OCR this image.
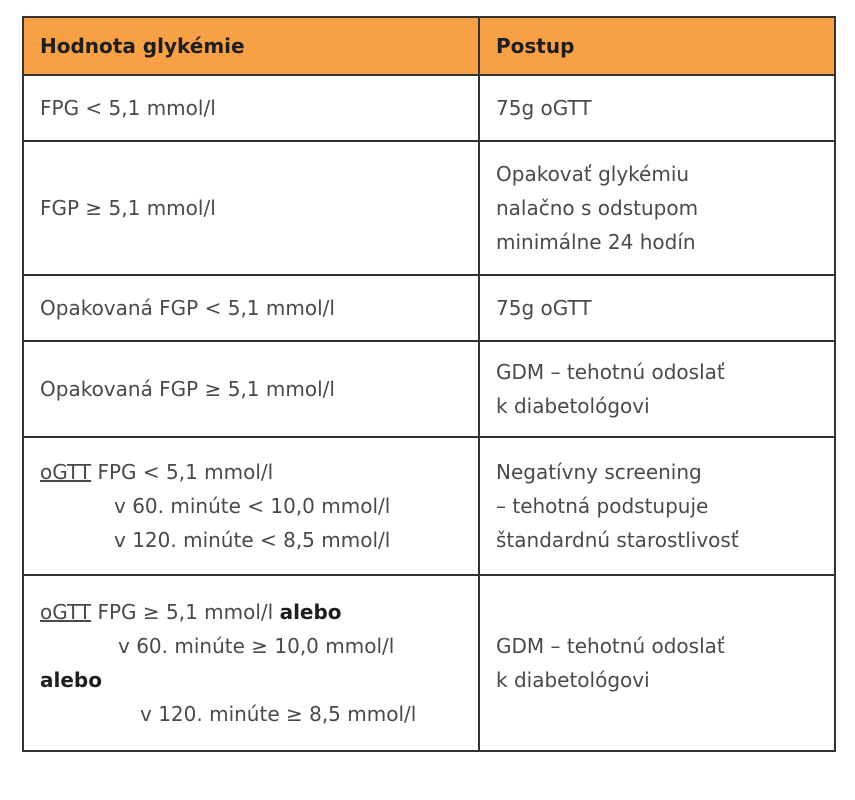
Hodnota glykémie	Postup
FPG < 5,1 mmol/l	75g oGTT
FGP ≥ 5,1 mmol/l	Opakovať glykémiu
nalačno s odstupom
minimálne 24 hodín

Opakovaná FGP < 5,1 mmol/l	75g oGTT
Opakovaná FGP ≥ 5,1 mmol/l	GDM – tehotnú odoslať
k diabetológovi

oGTT FPG < 5,1 mmol/l
v 60. minúte < 10,0 mmol/l
v 120. minúte < 8,5 mmol/l	Negatívny screening
– tehotná podstupuje
štandardnú starostlivosť

oGTT FPG ≥ 5,1 mmol/l alebo
v 60. minúte ≥ 10,0 mmol/l
alebo
v 120. minúte ≥ 8,5 mmol/l	GDM – tehotnú odoslať
k diabetológovi
